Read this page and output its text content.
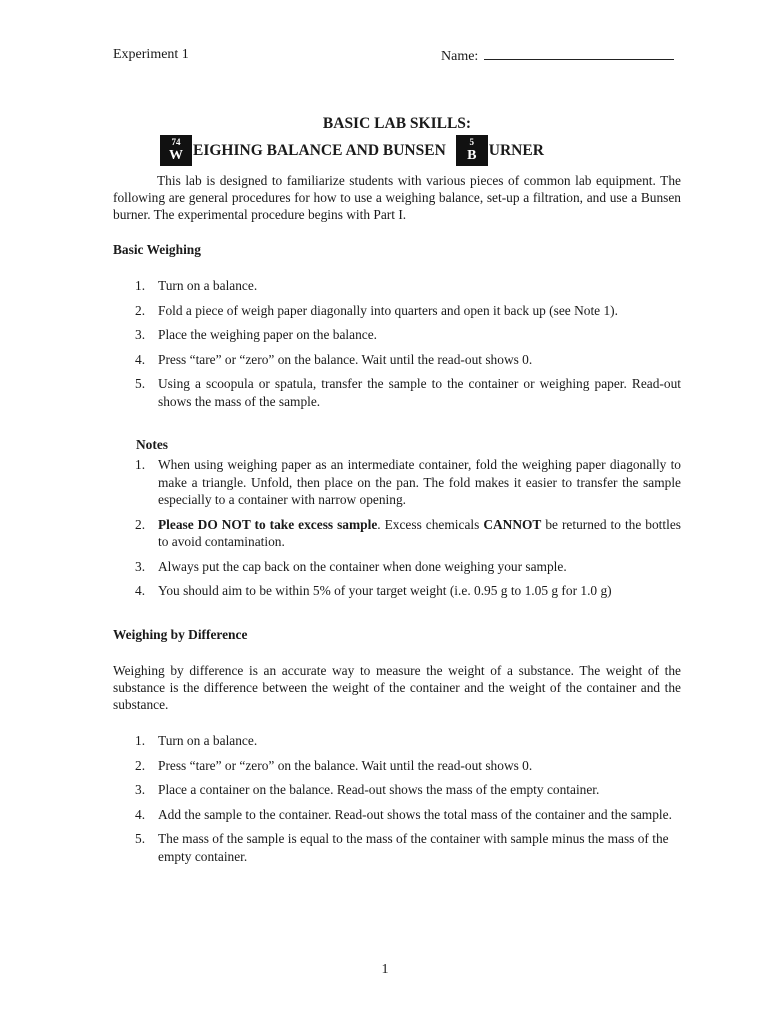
Experiment 1	Name:
BASIC LAB SKILLS:
74
W EIGHING BALANCE AND BUNSEN	5
B URNER
This lab is designed to familiarize students with various pieces of common lab equipment. The following are general procedures for how to use a weighing balance, set-up a filtration, and use a Bunsen burner. The experimental procedure begins with Part I.
Basic Weighing
1. Turn on a balance.
2. Fold a piece of weigh paper diagonally into quarters and open it back up (see Note 1).
3. Place the weighing paper on the balance.
4. Press “tare” or “zero” on the balance. Wait until the read-out shows 0.
5. Using a scoopula or spatula, transfer the sample to the container or weighing paper. Read-out shows the mass of the sample.
Notes
1. When using weighing paper as an intermediate container, fold the weighing paper diagonally to make a triangle. Unfold, then place on the pan. The fold makes it easier to transfer the sample especially to a container with narrow opening.
2. Please DO NOT to take excess sample. Excess chemicals CANNOT be returned to the bottles to avoid contamination.
3. Always put the cap back on the container when done weighing your sample.
4. You should aim to be within 5% of your target weight (i.e. 0.95 g to 1.05 g for 1.0 g)
Weighing by Difference
Weighing by difference is an accurate way to measure the weight of a substance. The weight of the substance is the difference between the weight of the container and the weight of the container and the substance.
1. Turn on a balance.
2. Press “tare” or “zero” on the balance. Wait until the read-out shows 0.
3. Place a container on the balance. Read-out shows the mass of the empty container.
4. Add the sample to the container. Read-out shows the total mass of the container and the sample.
5. The mass of the sample is equal to the mass of the container with sample minus the mass of the empty container.
1
